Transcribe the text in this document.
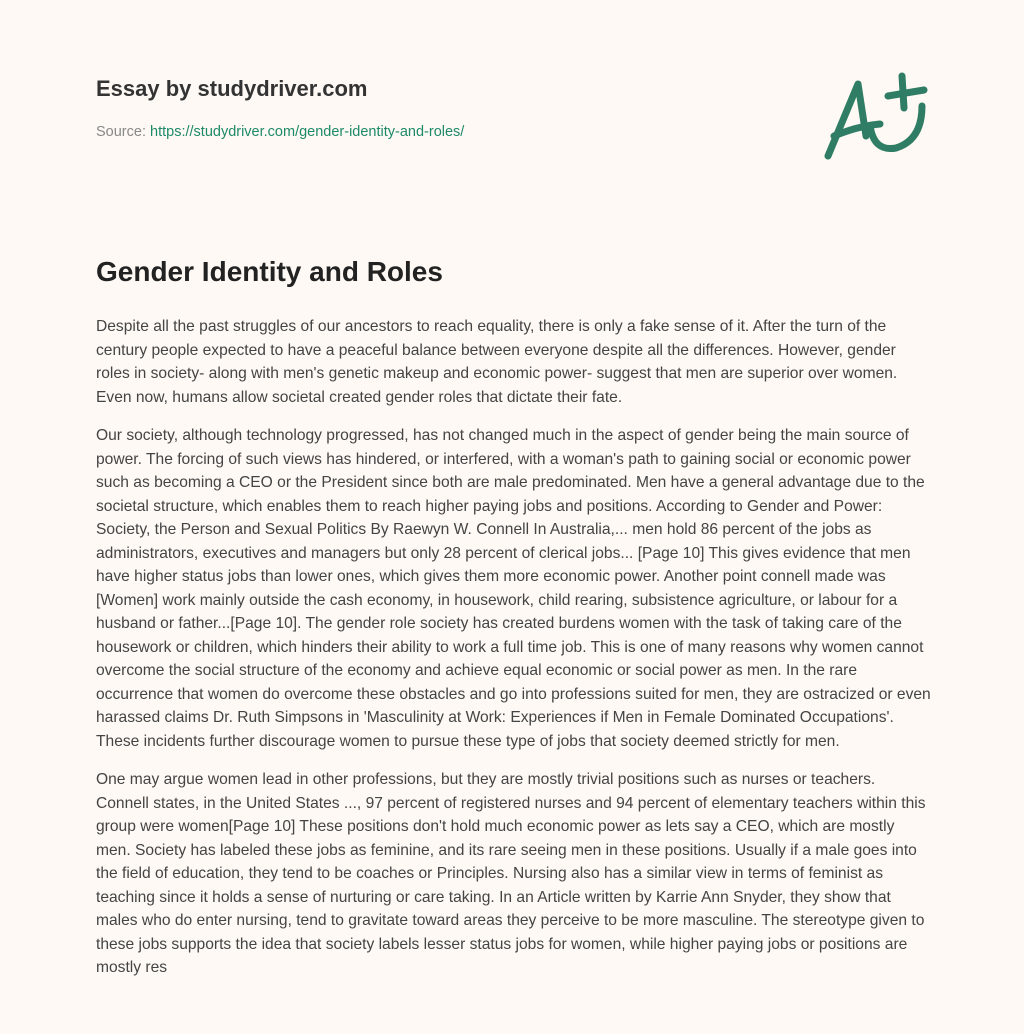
Essay by studydriver.com
Source: https://studydriver.com/gender-identity-and-roles/
Gender Identity and Roles

Despite all the past struggles of our ancestors to reach equality, there is only a fake sense of it. After the turn of the century people expected to have a peaceful balance between everyone despite all the differences. However, gender roles in society- along with men's genetic makeup and economic power- suggest that men are superior over women. Even now, humans allow societal created gender roles that dictate their fate.

Our society, although technology progressed, has not changed much in the aspect of gender being the main source of power. The forcing of such views has hindered, or interfered, with a woman's path to gaining social or economic power such as becoming a CEO or the President since both are male predominated. Men have a general advantage due to the societal structure, which enables them to reach higher paying jobs and positions. According to Gender and Power: Society, the Person and Sexual Politics By Raewyn W. Connell In Australia,... men hold 86 percent of the jobs as administrators, executives and managers but only 28 percent of clerical jobs... [Page 10] This gives evidence that men have higher status jobs than lower ones, which gives them more economic power. Another point connell made was [Women] work mainly outside the cash economy, in housework, child rearing, subsistence agriculture, or labour for a husband or father...[Page 10]. The gender role society has created burdens women with the task of taking care of the housework or children, which hinders their ability to work a full time job. This is one of many reasons why women cannot overcome the social structure of the economy and achieve equal economic or social power as men. In the rare occurrence that women do overcome these obstacles and go into professions suited for men, they are ostracized or even harassed claims Dr. Ruth Simpsons in 'Masculinity at Work: Experiences if Men in Female Dominated Occupations'. These incidents further discourage women to pursue these type of jobs that society deemed strictly for men.

One may argue women lead in other professions, but they are mostly trivial positions such as nurses or teachers. Connell states, in the United States ..., 97 percent of registered nurses and 94 percent of elementary teachers within this group were women[Page 10] These positions don't hold much economic power as lets say a CEO, which are mostly men. Society has labeled these jobs as feminine, and its rare seeing men in these positions. Usually if a male goes into the field of education, they tend to be coaches or Principles. Nursing also has a similar view in terms of feminist as teaching since it holds a sense of nurturing or care taking. In an Article written by Karrie Ann Snyder, they show that males who do enter nursing, tend to gravitate toward areas they perceive to be more masculine. The stereotype given to these jobs supports the idea that society labels lesser status jobs for women, while higher paying jobs or positions are mostly res
